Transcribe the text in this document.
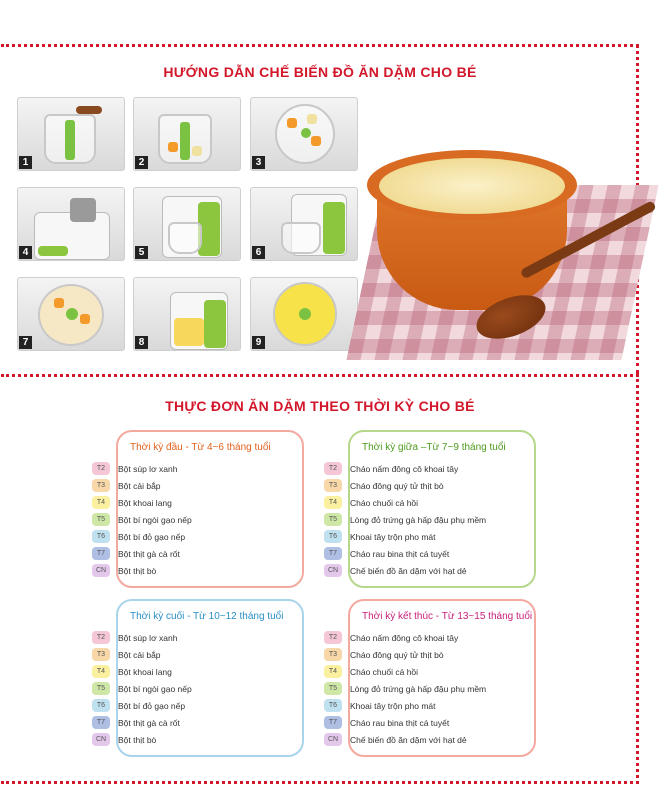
HƯỚNG DẪN CHẾ BIẾN ĐỒ ĂN DẶM CHO BÉ
1	2	3
4	5	6
7	8	9
THỰC ĐƠN ĂN DẶM THEO THỜI KỲ CHO BÉ
Thời kỳ đầu - Từ 4~6 tháng tuổi
T2	Bột súp lơ xanh
T3	Bột cải bắp
T4	Bột khoai lang
T5	Bột bí ngòi gạo nếp
T6	Bột bí đỏ gạo nếp
T7	Bột thịt gà cà rốt
CN	Bột thịt bò
Thời kỳ giữa –Từ 7~9 tháng tuổi
T2	Cháo nấm đông cô khoai tây
T3	Cháo đông quý tử thịt bò
T4	Cháo chuối cá hồi
T5	Lòng đỏ trứng gà hấp đậu phụ mềm
T6	Khoai tây trộn pho mát
T7	Cháo rau bina thịt cá tuyết
CN	Chế biến đồ ăn dặm với hạt dẻ
Thời kỳ cuối - Từ 10~12 tháng tuổi
T2	Bột súp lơ xanh
T3	Bột cải bắp
T4	Bột khoai lang
T5	Bột bí ngòi gạo nếp
T6	Bột bí đỏ gạo nếp
T7	Bột thịt gà cà rốt
CN	Bột thịt bò
Thời kỳ kết thúc - Từ 13~15 tháng tuổi
T2	Cháo nấm đông cô khoai tây
T3	Cháo đông quý tử thịt bò
T4	Cháo chuối cá hồi
T5	Lòng đỏ trứng gà hấp đậu phụ mềm
T6	Khoai tây trộn pho mát
T7	Cháo rau bina thịt cá tuyết
CN	Chế biến đồ ăn dặm với hạt dẻ
